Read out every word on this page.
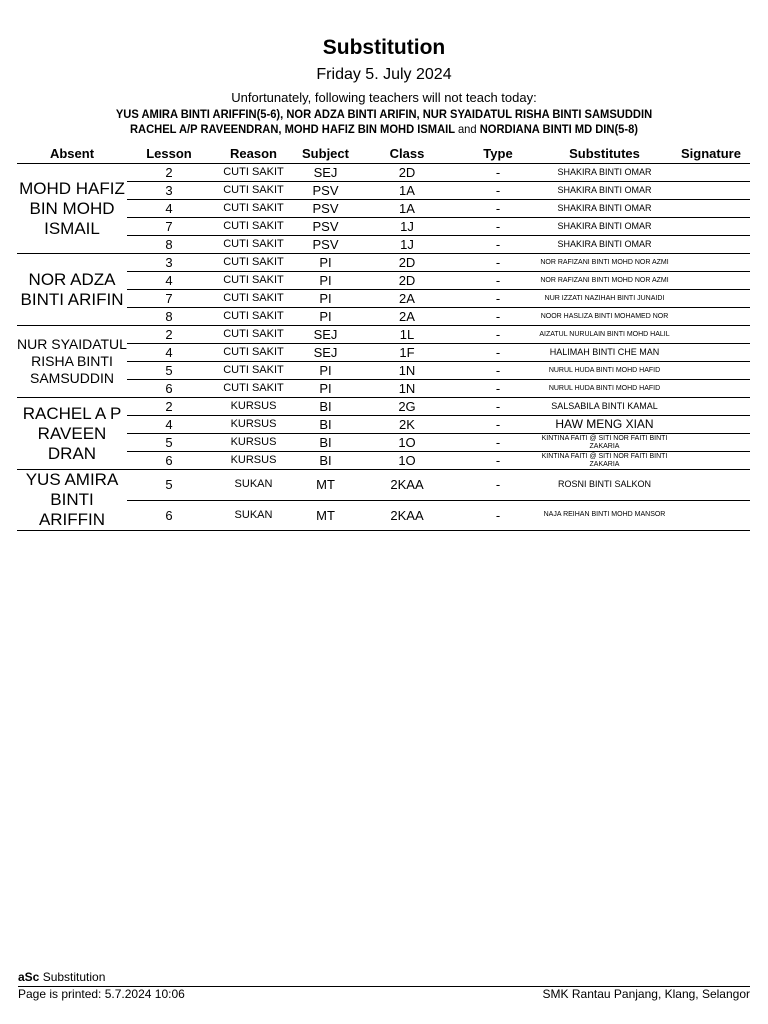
Substitution
Friday 5. July 2024
Unfortunately, following teachers will not teach today:
YUS AMIRA BINTI ARIFFIN(5-6), NOR ADZA BINTI ARIFIN, NUR SYAIDATUL RISHA BINTI SAMSUDDIN
RACHEL A/P RAVEENDRAN, MOHD HAFIZ BIN MOHD ISMAIL and NORDIANA BINTI MD DIN(5-8)
Absent	Lesson	Reason	Subject	Class	Type	Substitutes	Signature
MOHD HAFIZ BIN MOHD ISMAIL	2	CUTI SAKIT	SEJ	2D	-	SHAKIRA BINTI OMAR	
	3	CUTI SAKIT	PSV	1A	-	SHAKIRA BINTI OMAR	
	4	CUTI SAKIT	PSV	1A	-	SHAKIRA BINTI OMAR	
	7	CUTI SAKIT	PSV	1J	-	SHAKIRA BINTI OMAR	
	8	CUTI SAKIT	PSV	1J	-	SHAKIRA BINTI OMAR	
NOR ADZA BINTI ARIFIN	3	CUTI SAKIT	PI	2D	-	NOR RAFIZANI BINTI MOHD NOR AZMI	
	4	CUTI SAKIT	PI	2D	-	NOR RAFIZANI BINTI MOHD NOR AZMI	
	7	CUTI SAKIT	PI	2A	-	NUR IZZATI NAZIHAH BINTI JUNAIDI	
	8	CUTI SAKIT	PI	2A	-	NOOR HASLIZA BINTI MOHAMED NOR	
NUR SYAIDATUL RISHA BINTI SAMSUDDIN	2	CUTI SAKIT	SEJ	1L	-	AIZATUL NURULAIN BINTI MOHD HALIL	
	4	CUTI SAKIT	SEJ	1F	-	HALIMAH BINTI CHE MAN	
	5	CUTI SAKIT	PI	1N	-	NURUL HUDA BINTI MOHD HAFID	
	6	CUTI SAKIT	PI	1N	-	NURUL HUDA BINTI MOHD HAFID	
RACHEL A P RAVEEN DRAN	2	KURSUS	BI	2G	-	SALSABILA BINTI KAMAL	
	4	KURSUS	BI	2K	-	HAW MENG XIAN	
	5	KURSUS	BI	1O	-	KINTINA FAITI @ SITI NOR FAITI BINTI ZAKARIA	
	6	KURSUS	BI	1O	-	KINTINA FAITI @ SITI NOR FAITI BINTI ZAKARIA	
YUS AMIRA BINTI ARIFFIN	5	SUKAN	MT	2KAA	-	ROSNI BINTI SALKON	
	6	SUKAN	MT	2KAA	-	NAJA REIHAN BINTI MOHD MANSOR	
aSc Substitution
Page is printed: 5.7.2024 10:06	SMK Rantau Panjang, Klang, Selangor
